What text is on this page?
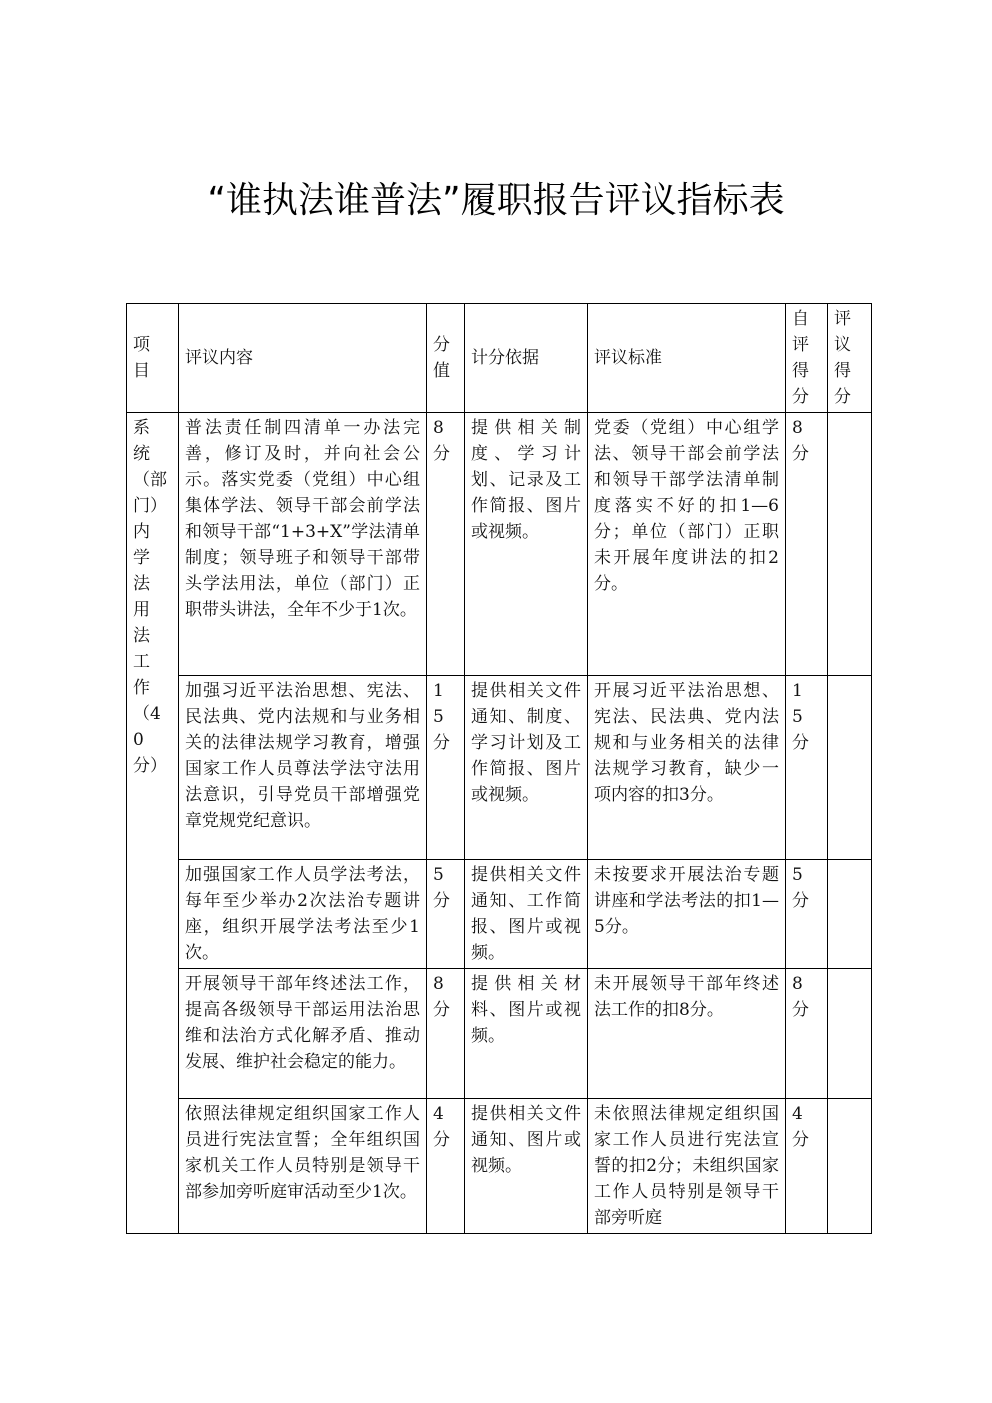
“谁执法谁普法”履职报告评议指标表
项目	评议内容	分值	计分依据	评议标准	自评得分	评议得分

系统（部门）内学法用法工作（40分）	普法责任制四清单一办法完善，修订及时，并向社会公示。落实党委（党组）中心组集体学法、领导干部会前学法和领导干部“1+3+X”学法清单制度；领导班子和领导干部带头学法用法，单位（部门）正职带头讲法，全年不少于1次。	8分	提供相关制度、学习计划、记录及工作简报、图片或视频。	党委（党组）中心组学法、领导干部会前学法和领导干部学法清单制度落实不好的扣1—6分；单位（部门）正职未开展年度讲法的扣2分。	8分	

	加强习近平法治思想、宪法、民法典、党内法规和与业务相关的法律法规学习教育，增强国家工作人员尊法学法守法用法意识，引导党员干部增强党章党规党纪意识。	15分	提供相关文件通知、制度、学习计划及工作简报、图片或视频。	开展习近平法治思想、宪法、民法典、党内法规和与业务相关的法律法规学习教育，缺少一项内容的扣3分。	15分	

	加强国家工作人员学法考法，每年至少举办2次法治专题讲座，组织开展学法考法至少1次。	5分	提供相关文件通知、工作简报、图片或视频。	未按要求开展法治专题讲座和学法考法的扣1—5分。	5分	

	开展领导干部年终述法工作，提高各级领导干部运用法治思维和法治方式化解矛盾、推动发展、维护社会稳定的能力。	8分	提供相关材料、图片或视频。	未开展领导干部年终述法工作的扣8分。	8分	

	依照法律规定组织国家工作人员进行宪法宣誓；全年组织国家机关工作人员特别是领导干部参加旁听庭审活动至少1次。	4分	提供相关文件通知、图片或视频。	未依照法律规定组织国家工作人员进行宪法宣誓的扣2分；未组织国家工作人员特别是领导干部旁听庭	4分	
